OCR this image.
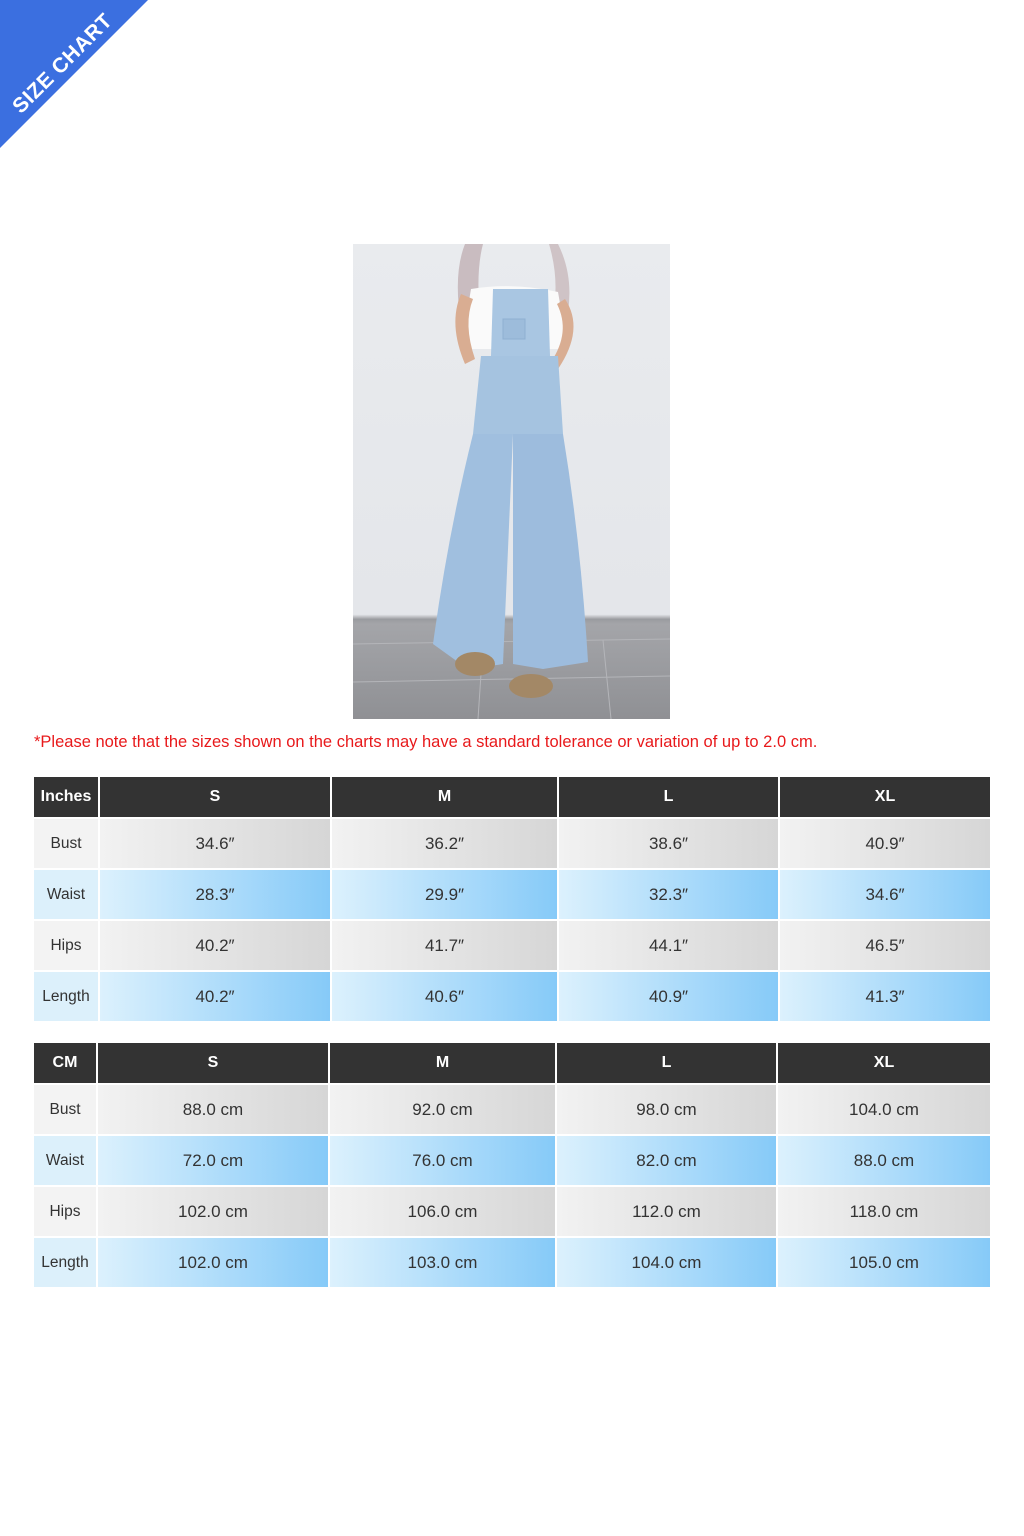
SIZE CHART
*Please note that the sizes shown on the charts may have a standard tolerance or variation of up to 2.0 cm.
Inches	S	M	L	XL
Bust	34.6″	36.2″	38.6″	40.9″
Waist	28.3″	29.9″	32.3″	34.6″
Hips	40.2″	41.7″	44.1″	46.5″
Length	40.2″	40.6″	40.9″	41.3″
CM	S	M	L	XL
Bust	88.0 cm	92.0 cm	98.0 cm	104.0 cm
Waist	72.0 cm	76.0 cm	82.0 cm	88.0 cm
Hips	102.0 cm	106.0 cm	112.0 cm	118.0 cm
Length	102.0 cm	103.0 cm	104.0 cm	105.0 cm
